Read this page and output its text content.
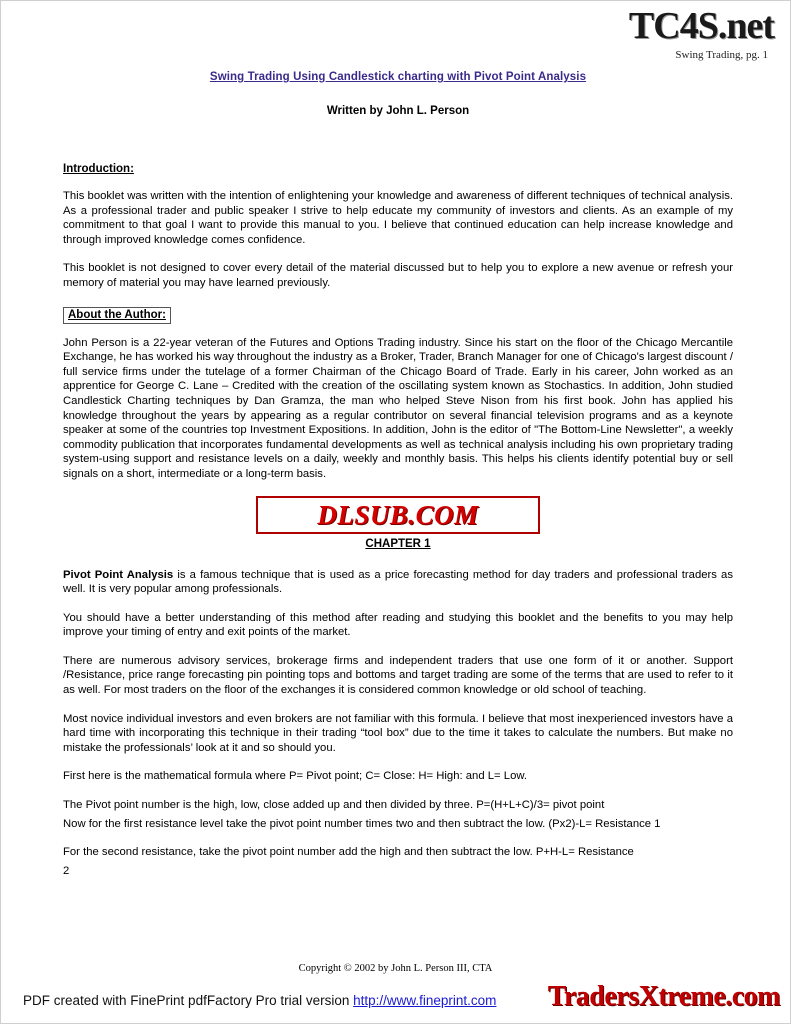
TC4S.net
Swing Trading, pg. 1
Swing Trading Using Candlestick charting with Pivot Point Analysis
Written by John L. Person
Introduction:

This booklet was written with the intention of enlightening your knowledge and awareness of different techniques of technical analysis. As a professional trader and public speaker I strive to help educate my community of investors and clients. As an example of my commitment to that goal I want to provide this manual to you. I believe that continued education can help increase knowledge and through improved knowledge comes confidence.

This booklet is not designed to cover every detail of the material discussed but to help you to explore a new avenue or refresh your memory of material you may have learned previously.

About the Author:

John Person is a 22-year veteran of the Futures and Options Trading industry. Since his start on the floor of the Chicago Mercantile Exchange, he has worked his way throughout the industry as a Broker, Trader, Branch Manager for one of Chicago's largest discount / full service firms under the tutelage of a former Chairman of the Chicago Board of Trade. Early in his career, John worked as an apprentice for George C. Lane – Credited with the creation of the oscillating system known as Stochastics. In addition, John studied Candlestick Charting techniques by Dan Gramza, the man who helped Steve Nison from his first book. John has applied his knowledge throughout the years by appearing as a regular contributor on several financial television programs and as a keynote speaker at some of the countries top Investment Expositions. In addition, John is the editor of "The Bottom-Line Newsletter", a weekly commodity publication that incorporates fundamental developments as well as technical analysis including his own proprietary trading system-using support and resistance levels on a daily, weekly and monthly basis. This helps his clients identify potential buy or sell signals on a short, intermediate or a long-term basis.

CHAPTER 1

Pivot Point Analysis is a famous technique that is used as a price forecasting method for day traders and professional traders as well. It is very popular among professionals.

You should have a better understanding of this method after reading and studying this booklet and the benefits to you may help improve your timing of entry and exit points of the market.

There are numerous advisory services, brokerage firms and independent traders that use one form of it or another. Support /Resistance, price range forecasting pin pointing tops and bottoms and target trading are some of the terms that are used to refer to it as well. For most traders on the floor of the exchanges it is considered common knowledge or old school of teaching.

Most novice individual investors and even brokers are not familiar with this formula. I believe that most inexperienced investors have a hard time with incorporating this technique in their trading “tool box” due to the time it takes to calculate the numbers. But make no mistake the professionals’ look at it and so should you.

First here is the mathematical formula where P= Pivot point; C= Close: H= High: and L= Low.

The Pivot point number is the high, low, close added up and then divided by three. P=(H+L+C)/3= pivot point

Now for the first resistance level take the pivot point number times two and then subtract the low. (Px2)-L= Resistance 1

For the second resistance, take the pivot point number add the high and then subtract the low. P+H-L= Resistance

2

DLSUB.COM
Copyright © 2002 by John L. Person III, CTA
PDF created with FinePrint pdfFactory Pro trial version http://www.fineprint.com TradersXtreme.com
